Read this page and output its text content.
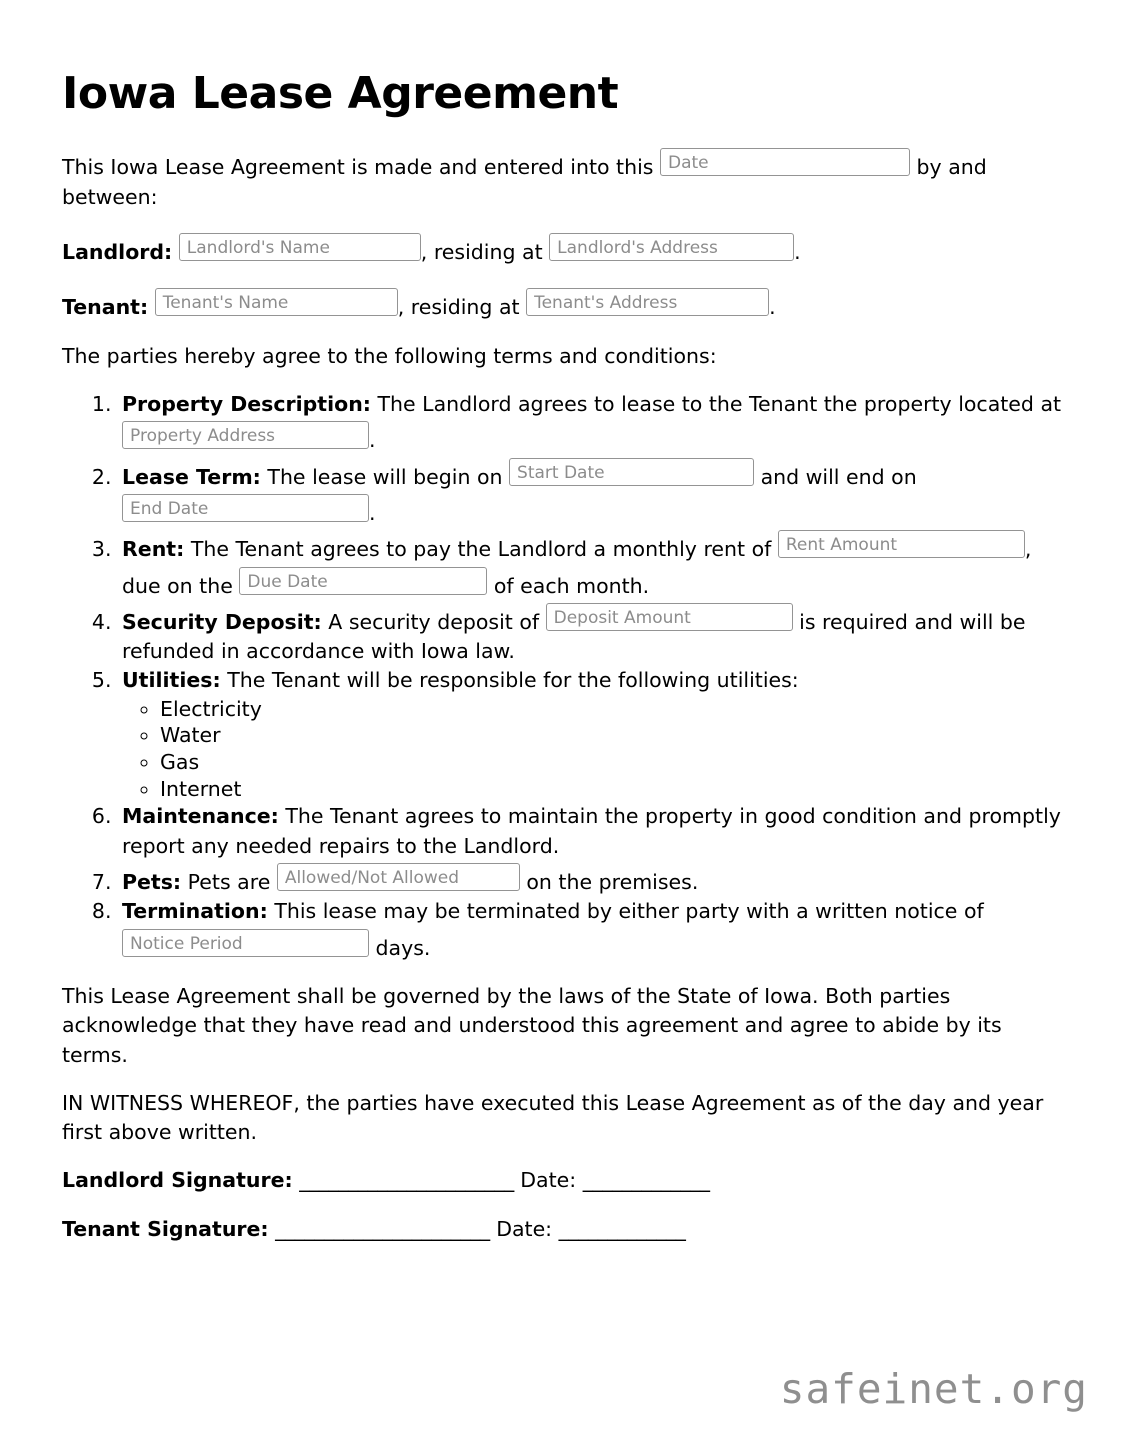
Iowa Lease Agreement

This Iowa Lease Agreement is made and entered into this Date	by and between:

Landlord: Landlord's Name	, residing at Landlord's Address	.

Tenant: Tenant's Name	, residing at Tenant's Address	.

The parties hereby agree to the following terms and conditions:

1. Property Description: The Landlord agrees to lease to the Tenant the property located at Property Address	.
2. Lease Term: The lease will begin on Start Date	and will end on End Date	.
3. Rent: The Tenant agrees to pay the Landlord a monthly rent of Rent Amount	, due on the Due Date	of each month.
4. Security Deposit: A security deposit of Deposit Amount	is required and will be refunded in accordance with Iowa law.
5. Utilities: The Tenant will be responsible for the following utilities:
◦ Electricity
◦ Water
◦ Gas
◦ Internet
6. Maintenance: The Tenant agrees to maintain the property in good condition and promptly report any needed repairs to the Landlord.
7. Pets: Pets are Allowed/Not Allowed	on the premises.
8. Termination: This lease may be terminated by either party with a written notice of Notice Period	days.

This Lease Agreement shall be governed by the laws of the State of Iowa. Both parties acknowledge that they have read and understood this agreement and agree to abide by its terms.

IN WITNESS WHEREOF, the parties have executed this Lease Agreement as of the day and year first above written.

Landlord Signature: ______________________ Date: _____________

Tenant Signature: ______________________ Date: _____________

safeinet.org
